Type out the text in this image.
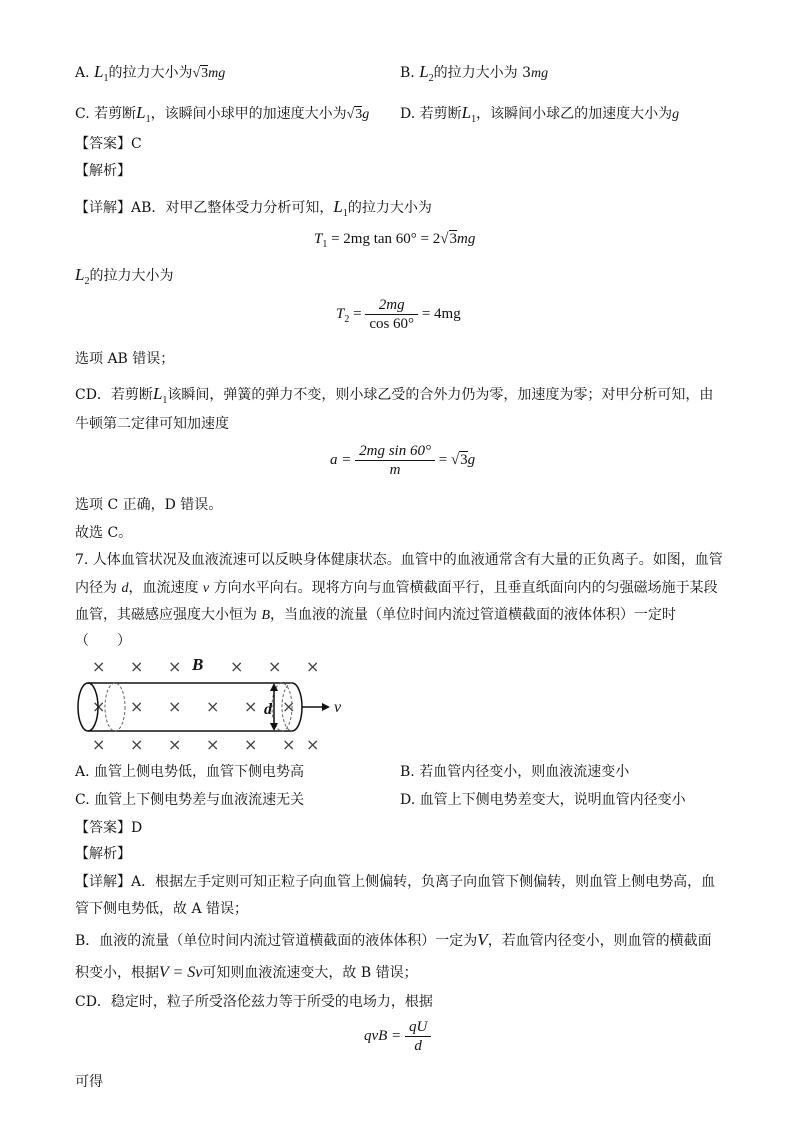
A. $L_1$的拉力大小为√3mg	B. $L_2$的拉力大小为 3mg
C. 若剪断$L_1$，该瞬间小球甲的加速度大小为√3g D. 若剪断$L_1$，该瞬间小球乙的加速度大小为g
【答案】C
【解析】
【详解】AB．对甲乙整体受力分析可知，$L_1$的拉力大小为
$T_1 = 2mg$ tan 60° = 2√3mg
$L_2$的拉力大小为
$T_2 = \frac{2mg}{\cos 60^\circ} = 4mg$
选项 AB 错误；
CD．若剪断$L_1$该瞬间，弹簧的弹力不变，则小球乙受的合外力仍为零，加速度为零；对甲分析可知，由
牛顿第二定律可知加速度
$a = \frac{\text{2mg sin 60°}}{m} = √3g$
选项 C 正确，D 错误。
故选 C。
7. 人体血管状况及血液流速可以反映身体健康状态。血管中的血液通常含有大量的正负离子。如图，血管
内径为 d，血流速度 v 方向水平向右。现将方向与血管横截面平行，且垂直纸面向内的匀强磁场施于某段
血管，其磁感应强度大小恒为 B，当血液的流量（单位时间内流过管道横截面的液体体积）一定时
（　　）
× × ×	× × ×
× × × × × ×
× × × × × × ×
B
d	v
A. 血管上侧电势低，血管下侧电势高	B. 若血管内径变小，则血液流速变小
C. 血管上下侧电势差与血液流速无关	D. 血管上下侧电势差变大，说明血管内径变小
【答案】D
【解析】
【详解】A．根据左手定则可知正粒子向血管上侧偏转，负离子向血管下侧偏转，则血管上侧电势高，血
管下侧电势低，故 A 错误；
B．血液的流量（单位时间内流过管道横截面的液体体积）一定为V，若血管内径变小，则血管的横截面
积变小，根据V = Sv可知则血液流速变大，故 B 错误；
CD．稳定时，粒子所受洛伦兹力等于所受的电场力，根据
qvB = $\frac{qU}{d}$
可得
